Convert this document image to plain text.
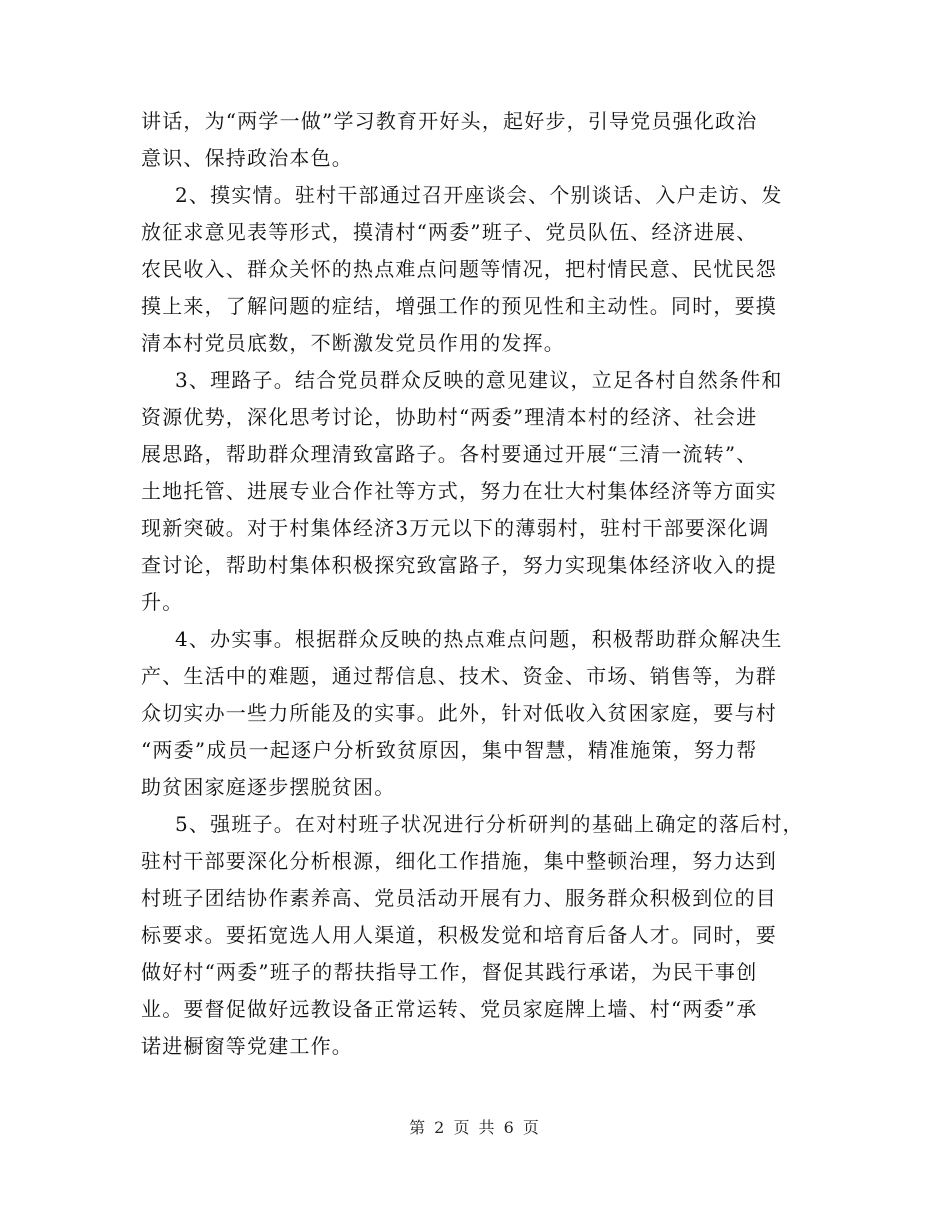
讲话，为“两学一做”学习教育开好头，起好步，引导党员强化政治
意识、保持政治本色。
2、摸实情。驻村干部通过召开座谈会、个别谈话、入户走访、发
放征求意见表等形式，摸清村“两委”班子、党员队伍、经济进展、
农民收入、群众关怀的热点难点问题等情况，把村情民意、民忧民怨
摸上来，了解问题的症结，增强工作的预见性和主动性。同时，要摸
清本村党员底数，不断激发党员作用的发挥。
3、理路子。结合党员群众反映的意见建议，立足各村自然条件和
资源优势，深化思考讨论，协助村“两委”理清本村的经济、社会进
展思路，帮助群众理清致富路子。各村要通过开展“三清一流转”、
土地托管、进展专业合作社等方式，努力在壮大村集体经济等方面实
现新突破。对于村集体经济3万元以下的薄弱村，驻村干部要深化调
查讨论，帮助村集体积极探究致富路子，努力实现集体经济收入的提
升。
4、办实事。根据群众反映的热点难点问题，积极帮助群众解决生
产、生活中的难题，通过帮信息、技术、资金、市场、销售等，为群
众切实办一些力所能及的实事。此外，针对低收入贫困家庭，要与村
“两委”成员一起逐户分析致贫原因，集中智慧，精准施策，努力帮
助贫困家庭逐步摆脱贫困。
5、强班子。在对村班子状况进行分析研判的基础上确定的落后村，
驻村干部要深化分析根源，细化工作措施，集中整顿治理，努力达到
村班子团结协作素养高、党员活动开展有力、服务群众积极到位的目
标要求。要拓宽选人用人渠道，积极发觉和培育后备人才。同时，要
做好村“两委”班子的帮扶指导工作，督促其践行承诺，为民干事创
业。要督促做好远教设备正常运转、党员家庭牌上墙、村“两委”承
诺进橱窗等党建工作。
第 2 页 共 6 页
